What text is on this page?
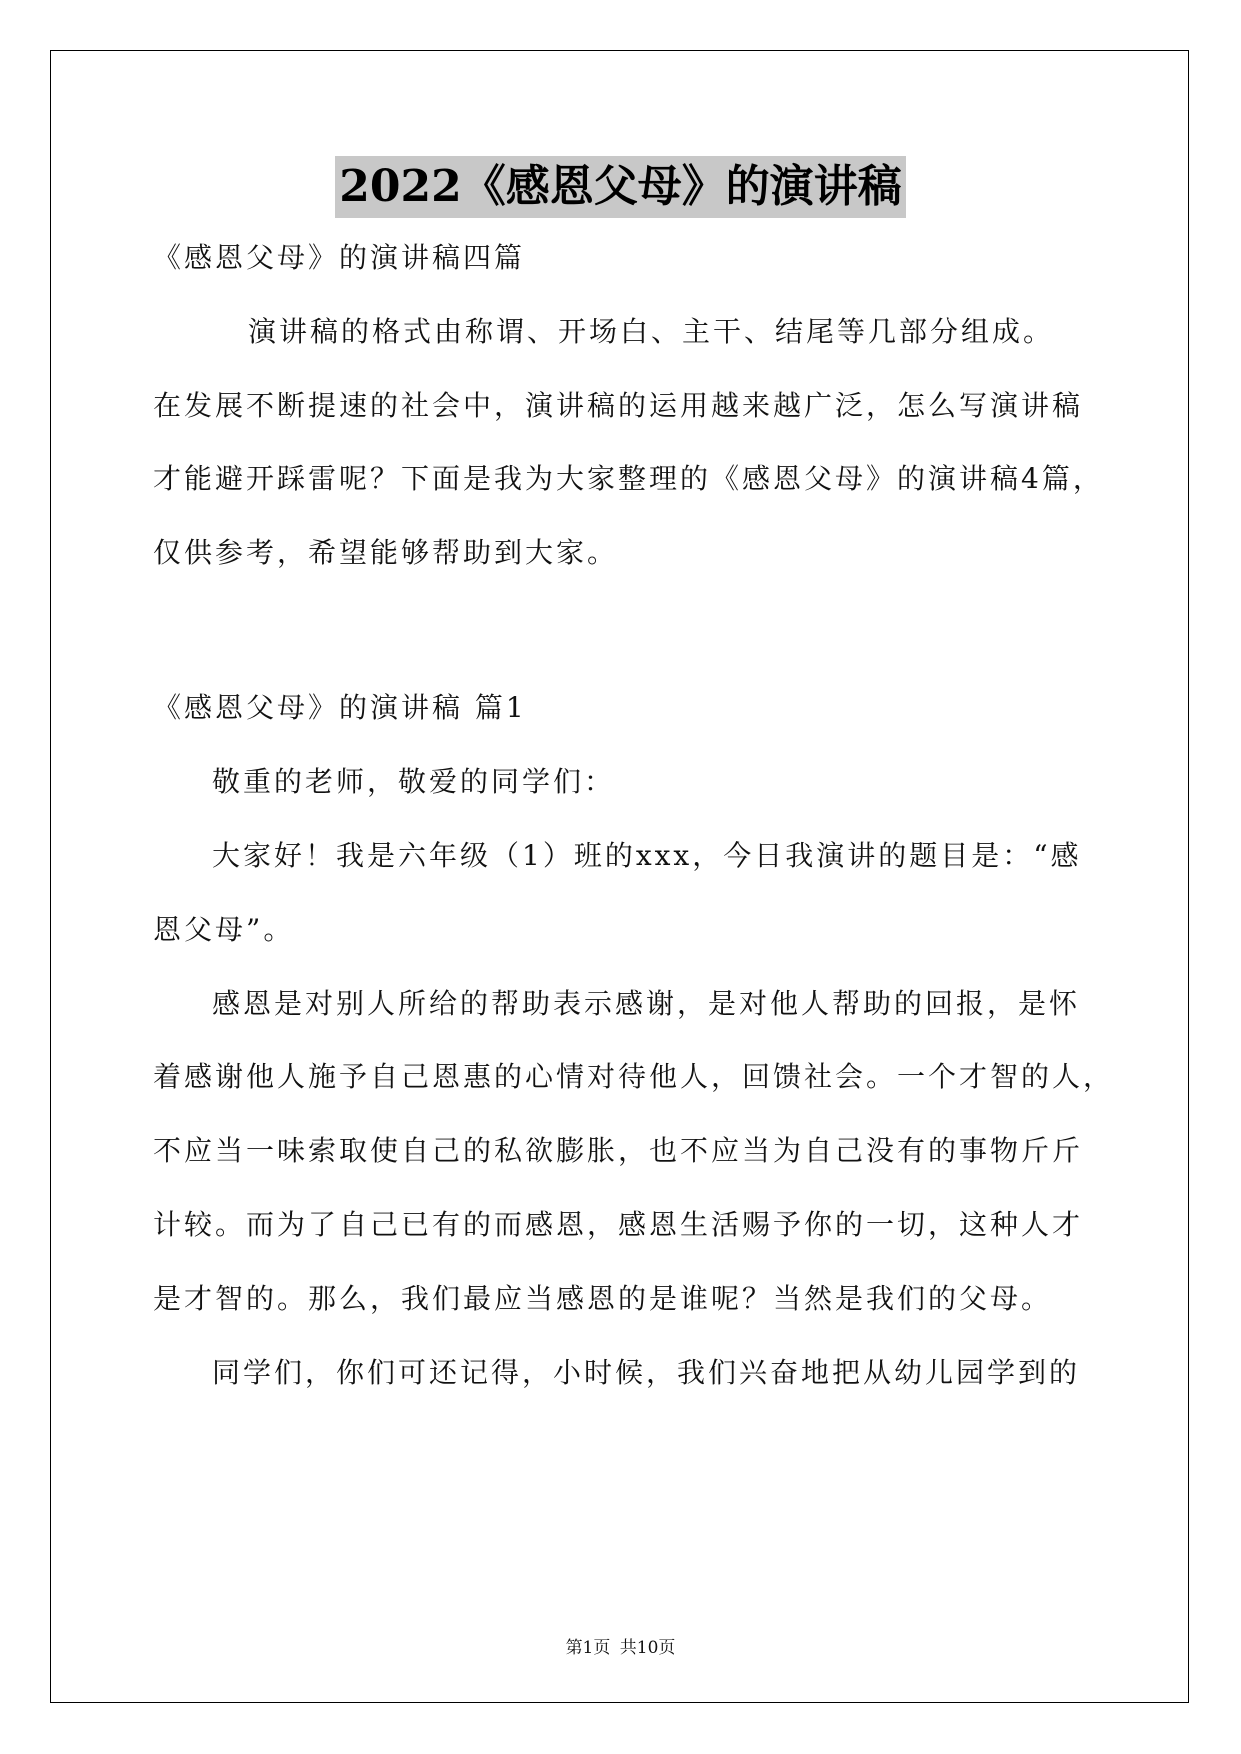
2022《感恩父母》的演讲稿
《感恩父母》的演讲稿四篇
演讲稿的格式由称谓、开场白、主干、结尾等几部分组成。
在发展不断提速的社会中，演讲稿的运用越来越广泛，怎么写演讲稿
才能避开踩雷呢？下面是我为大家整理的《感恩父母》的演讲稿4篇，
仅供参考，希望能够帮助到大家。
《感恩父母》的演讲稿 篇1
敬重的老师，敬爱的同学们：
大家好！我是六年级（1）班的xxx，今日我演讲的题目是：“感
恩父母”。
感恩是对别人所给的帮助表示感谢，是对他人帮助的回报，是怀
着感谢他人施予自己恩惠的心情对待他人，回馈社会。一个才智的人，
不应当一味索取使自己的私欲膨胀，也不应当为自己没有的事物斤斤
计较。而为了自己已有的而感恩，感恩生活赐予你的一切，这种人才
是才智的。那么，我们最应当感恩的是谁呢？当然是我们的父母。
同学们，你们可还记得，小时候，我们兴奋地把从幼儿园学到的
第1页 共10页
